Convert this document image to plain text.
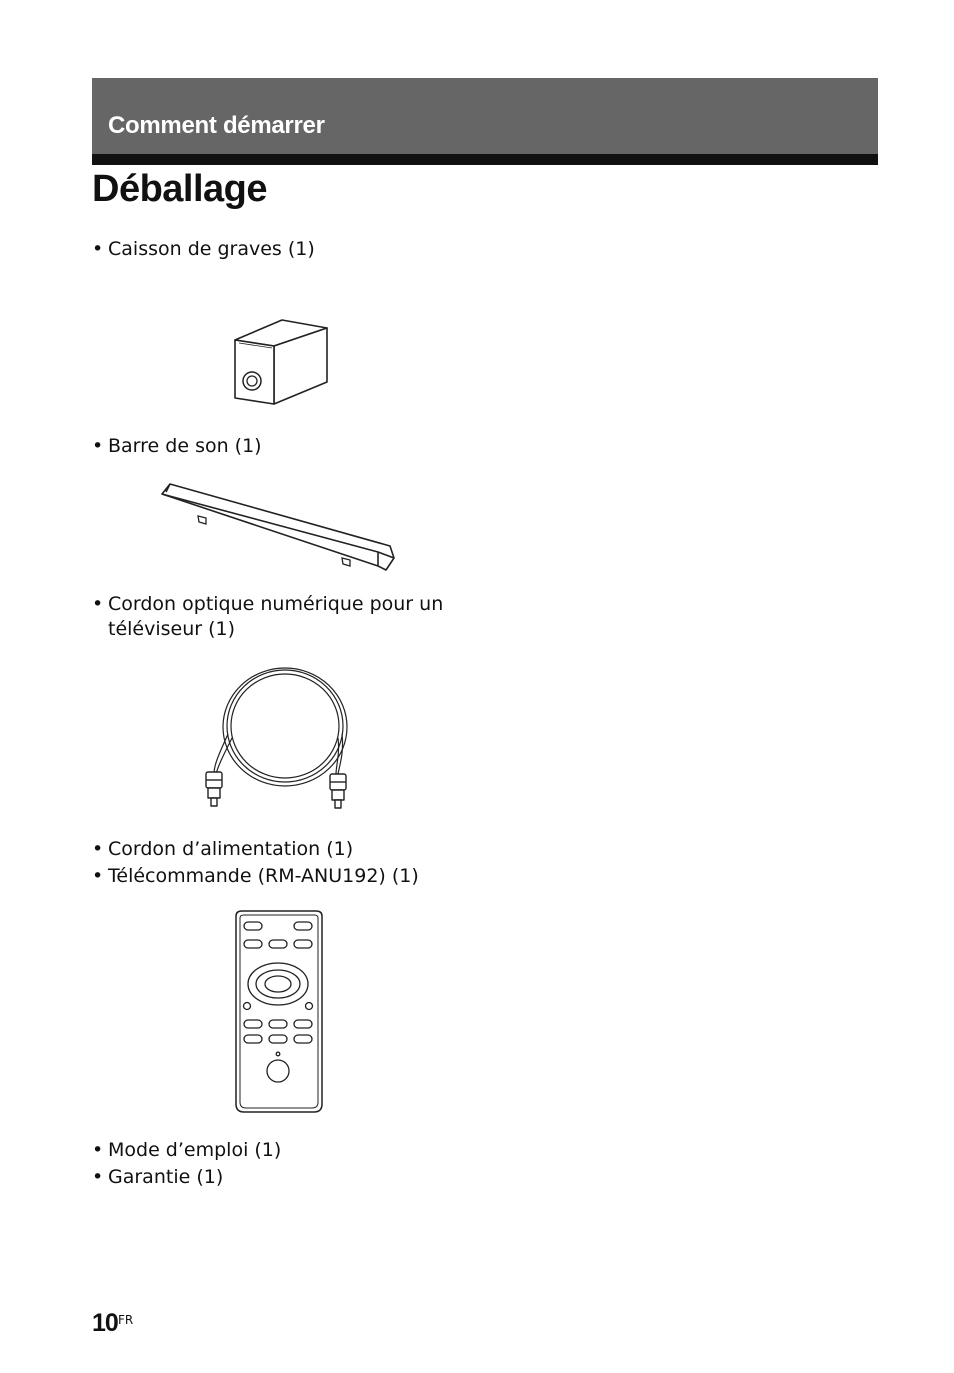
Comment démarrer
Déballage
• Caisson de graves (1)
• Barre de son (1)
• Cordon optique numérique pour un téléviseur (1)
• Cordon d’alimentation (1)
• Télécommande (RM-ANU192) (1)
• Mode d’emploi (1)
• Garantie (1)
10 FR
